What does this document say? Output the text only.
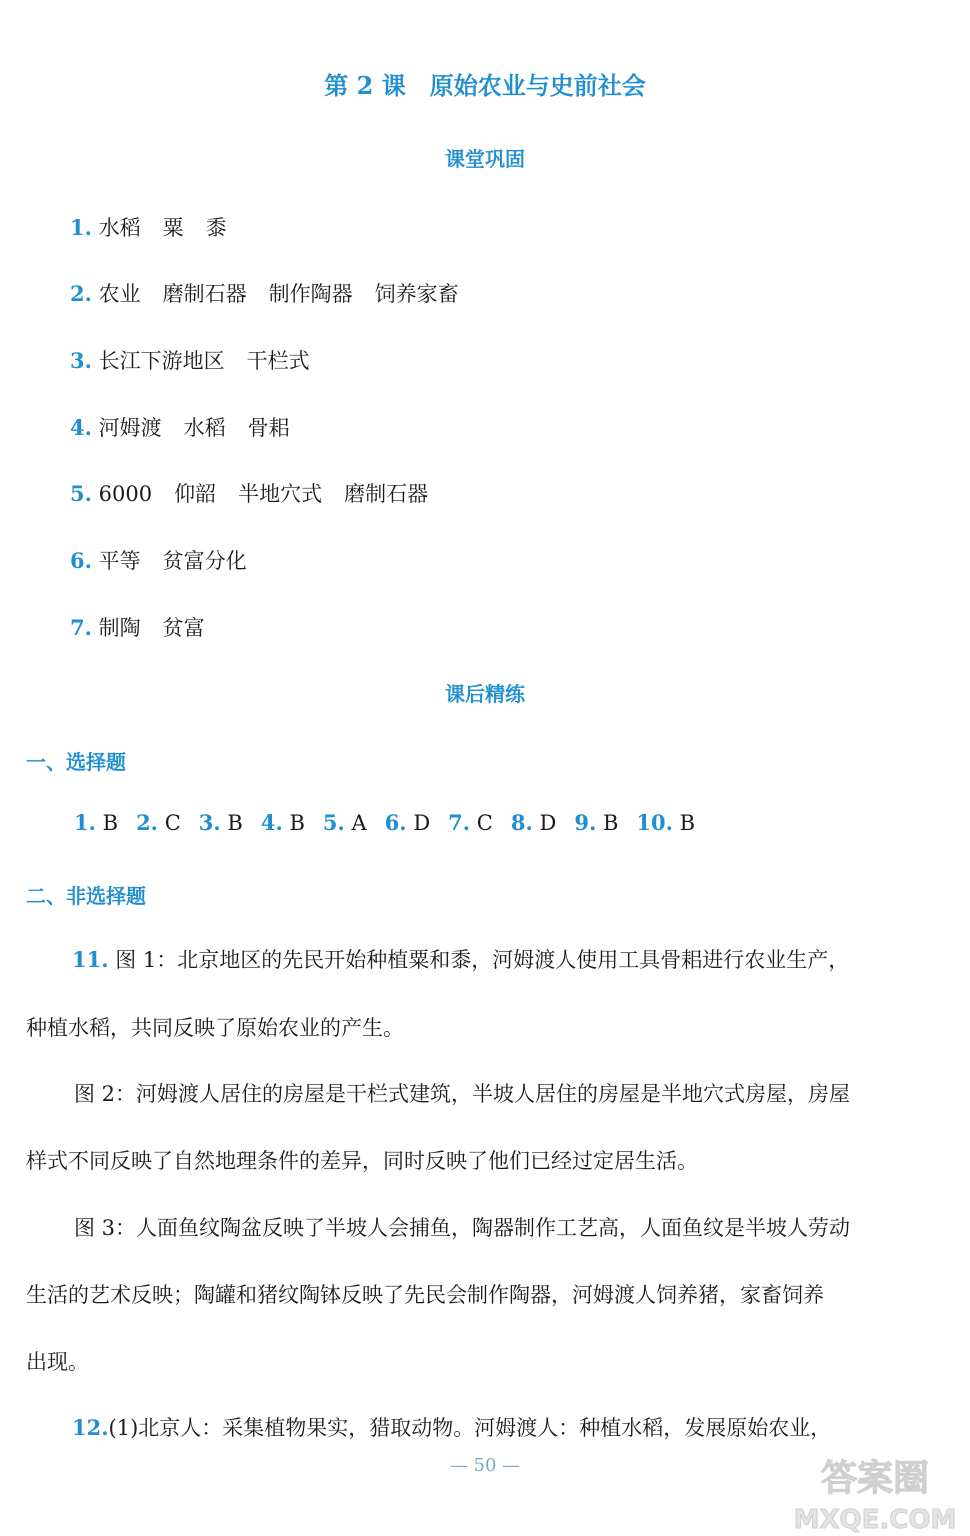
第 2 课 原始农业与史前社会
课堂巩固
1. 水稻 粟 黍
2. 农业 磨制石器 制作陶器 饲养家畜
3. 长江下游地区 干栏式
4. 河姆渡 水稻 骨耜
5. 6000 仰韶 半地穴式 磨制石器
6. 平等 贫富分化
7. 制陶 贫富
课后精练
一、选择题
1. B 2. C 3. B 4. B 5. A 6. D 7. C 8. D 9. B 10. B
二、非选择题
11. 图 1：北京地区的先民开始种植粟和黍，河姆渡人使用工具骨耜进行农业生产，
种植水稻，共同反映了原始农业的产生。
图 2：河姆渡人居住的房屋是干栏式建筑，半坡人居住的房屋是半地穴式房屋，房屋
样式不同反映了自然地理条件的差异，同时反映了他们已经过定居生活。
图 3：人面鱼纹陶盆反映了半坡人会捕鱼，陶器制作工艺高，人面鱼纹是半坡人劳动
生活的艺术反映；陶罐和猪纹陶钵反映了先民会制作陶器，河姆渡人饲养猪，家畜饲养
出现。
12.(1)北京人：采集植物果实，猎取动物。河姆渡人：种植水稻，发展原始农业，
— 50 —	答案圈
MXQE.COM
